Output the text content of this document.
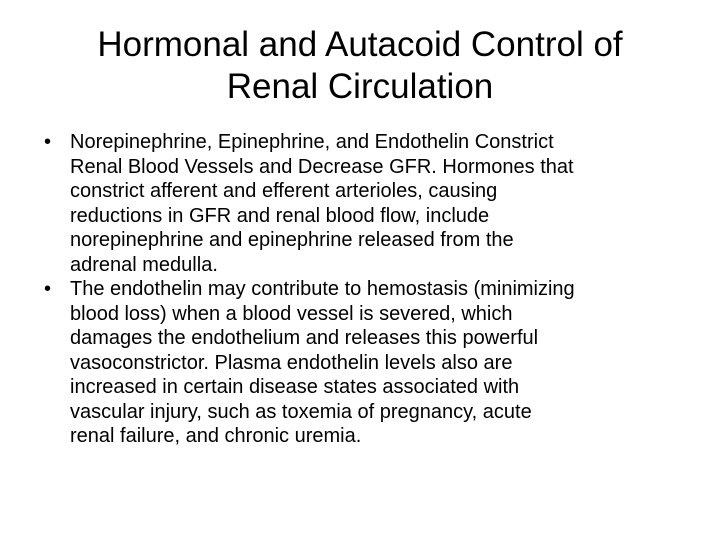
Hormonal and Autacoid Control of
Renal Circulation
• Norepinephrine, Epinephrine, and Endothelin Constrict
Renal Blood Vessels and Decrease GFR. Hormones that
constrict afferent and efferent arterioles, causing
reductions in GFR and renal blood flow, include
norepinephrine and epinephrine released from the
adrenal medulla.
• The endothelin may contribute to hemostasis (minimizing
blood loss) when a blood vessel is severed, which
damages the endothelium and releases this powerful
vasoconstrictor. Plasma endothelin levels also are
increased in certain disease states associated with
vascular injury, such as toxemia of pregnancy, acute
renal failure, and chronic uremia.
